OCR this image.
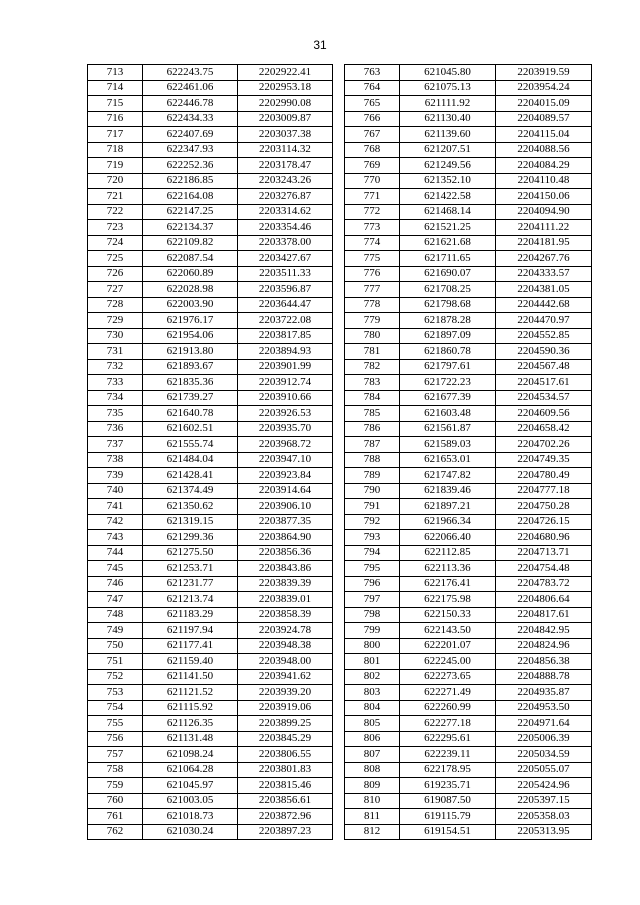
31
713	622243.75	2202922.41
714	622461.06	2202953.18
715	622446.78	2202990.08
716	622434.33	2203009.87
717	622407.69	2203037.38
718	622347.93	2203114.32
719	622252.36	2203178.47
720	622186.85	2203243.26
721	622164.08	2203276.87
722	622147.25	2203314.62
723	622134.37	2203354.46
724	622109.82	2203378.00
725	622087.54	2203427.67
726	622060.89	2203511.33
727	622028.98	2203596.87
728	622003.90	2203644.47
729	621976.17	2203722.08
730	621954.06	2203817.85
731	621913.80	2203894.93
732	621893.67	2203901.99
733	621835.36	2203912.74
734	621739.27	2203910.66
735	621640.78	2203926.53
736	621602.51	2203935.70
737	621555.74	2203968.72
738	621484.04	2203947.10
739	621428.41	2203923.84
740	621374.49	2203914.64
741	621350.62	2203906.10
742	621319.15	2203877.35
743	621299.36	2203864.90
744	621275.50	2203856.36
745	621253.71	2203843.86
746	621231.77	2203839.39
747	621213.74	2203839.01
748	621183.29	2203858.39
749	621197.94	2203924.78
750	621177.41	2203948.38
751	621159.40	2203948.00
752	621141.50	2203941.62
753	621121.52	2203939.20
754	621115.92	2203919.06
755	621126.35	2203899.25
756	621131.48	2203845.29
757	621098.24	2203806.55
758	621064.28	2203801.83
759	621045.97	2203815.46
760	621003.05	2203856.61
761	621018.73	2203872.96
762	621030.24	2203897.23
763	621045.80	2203919.59
764	621075.13	2203954.24
765	621111.92	2204015.09
766	621130.40	2204089.57
767	621139.60	2204115.04
768	621207.51	2204088.56
769	621249.56	2204084.29
770	621352.10	2204110.48
771	621422.58	2204150.06
772	621468.14	2204094.90
773	621521.25	2204111.22
774	621621.68	2204181.95
775	621711.65	2204267.76
776	621690.07	2204333.57
777	621708.25	2204381.05
778	621798.68	2204442.68
779	621878.28	2204470.97
780	621897.09	2204552.85
781	621860.78	2204590.36
782	621797.61	2204567.48
783	621722.23	2204517.61
784	621677.39	2204534.57
785	621603.48	2204609.56
786	621561.87	2204658.42
787	621589.03	2204702.26
788	621653.01	2204749.35
789	621747.82	2204780.49
790	621839.46	2204777.18
791	621897.21	2204750.28
792	621966.34	2204726.15
793	622066.40	2204680.96
794	622112.85	2204713.71
795	622113.36	2204754.48
796	622176.41	2204783.72
797	622175.98	2204806.64
798	622150.33	2204817.61
799	622143.50	2204842.95
800	622201.07	2204824.96
801	622245.00	2204856.38
802	622273.65	2204888.78
803	622271.49	2204935.87
804	622260.99	2204953.50
805	622277.18	2204971.64
806	622295.61	2205006.39
807	622239.11	2205034.59
808	622178.95	2205055.07
809	619235.71	2205424.96
810	619087.50	2205397.15
811	619115.79	2205358.03
812	619154.51	2205313.95
